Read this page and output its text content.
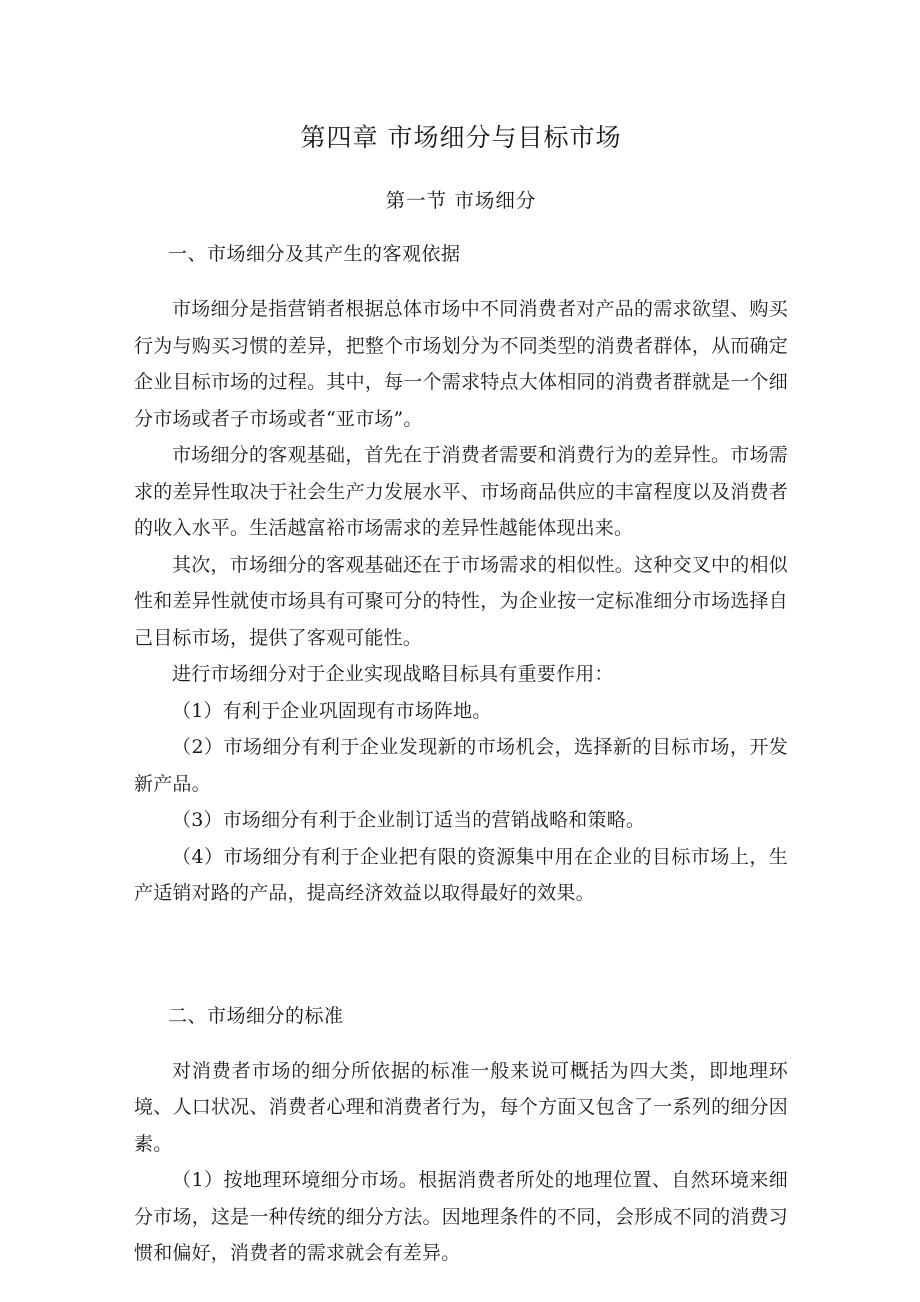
第四章 市场细分与目标市场
第一节 市场细分
一、市场细分及其产生的客观依据

市场细分是指营销者根据总体市场中不同消费者对产品的需求欲望、购买行为与购买习惯的差异，把整个市场划分为不同类型的消费者群体，从而确定企业目标市场的过程。其中，每一个需求特点大体相同的消费者群就是一个细分市场或者子市场或者“亚市场”。

市场细分的客观基础，首先在于消费者需要和消费行为的差异性。市场需求的差异性取决于社会生产力发展水平、市场商品供应的丰富程度以及消费者的收入水平。生活越富裕市场需求的差异性越能体现出来。

其次，市场细分的客观基础还在于市场需求的相似性。这种交叉中的相似性和差异性就使市场具有可聚可分的特性，为企业按一定标准细分市场选择自己目标市场，提供了客观可能性。

进行市场细分对于企业实现战略目标具有重要作用：

（1）有利于企业巩固现有市场阵地。

（2）市场细分有利于企业发现新的市场机会，选择新的目标市场，开发新产品。

（3）市场细分有利于企业制订适当的营销战略和策略。

（4）市场细分有利于企业把有限的资源集中用在企业的目标市场上，生产适销对路的产品，提高经济效益以取得最好的效果。

二、市场细分的标准

对消费者市场的细分所依据的标准一般来说可概括为四大类，即地理环境、人口状况、消费者心理和消费者行为，每个方面又包含了一系列的细分因素。

（1）按地理环境细分市场。根据消费者所处的地理位置、自然环境来细分市场，这是一种传统的细分方法。因地理条件的不同，会形成不同的消费习惯和偏好，消费者的需求就会有差异。
